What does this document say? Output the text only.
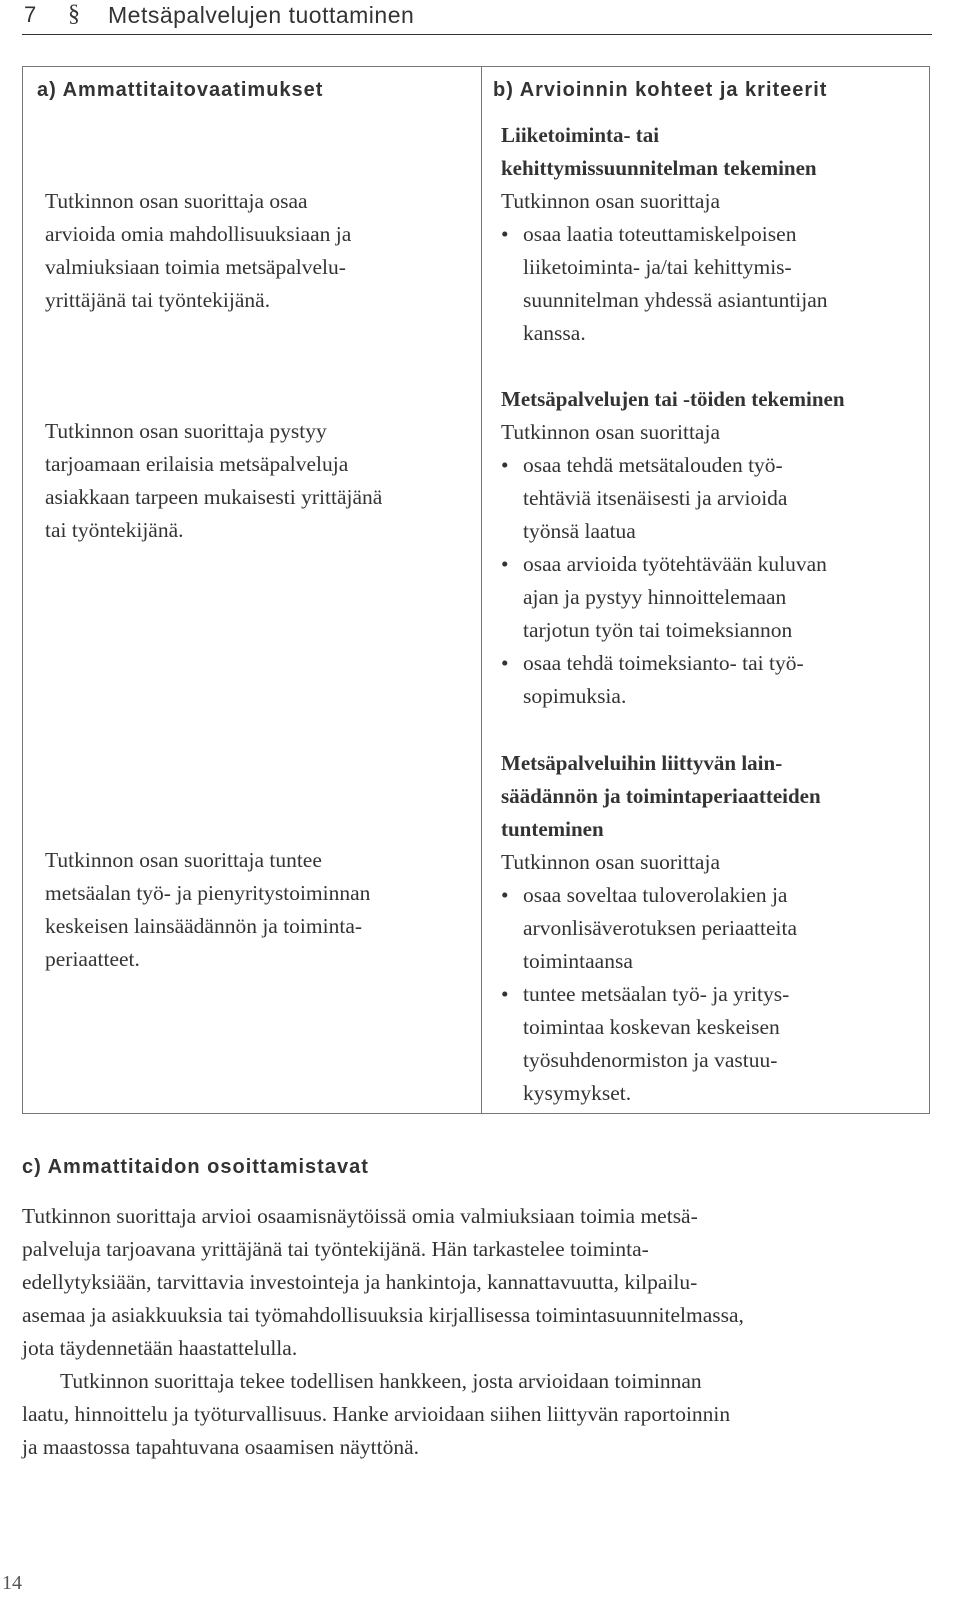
7 § Metsäpalvelujen tuottaminen
a) Ammattitaitovaatimukset	b) Arvioinnin kohteet ja kriteerit

Tutkinnon osan suorittaja osaa
arvioida omia mahdollisuuksiaan ja
valmiuksiaan toimia metsäpalvelu-
yrittäjänä tai työntekijänä.

Tutkinnon osan suorittaja pystyy
tarjoamaan erilaisia metsäpalveluja
asiakkaan tarpeen mukaisesti yrittäjänä
tai työntekijänä.

Tutkinnon osan suorittaja tuntee
metsäalan työ- ja pienyritystoiminnan
keskeisen lainsäädännön ja toiminta-
periaatteet.

Liiketoiminta- tai
kehittymissuunnitelman tekeminen

Tutkinnon osan suorittaja

• osaa laatia toteuttamiskelpoisen
liiketoiminta- ja/tai kehittymis-
suunnitelman yhdessä asiantuntijan
kanssa.

Metsäpalvelujen tai -töiden tekeminen

Tutkinnon osan suorittaja

• osaa tehdä metsätalouden työ-
tehtäviä itsenäisesti ja arvioida
työnsä laatua
• osaa arvioida työtehtävään kuluvan
ajan ja pystyy hinnoittelemaan
tarjotun työn tai toimeksiannon
• osaa tehdä toimeksianto- tai työ-
sopimuksia.

Metsäpalveluihin liittyvän lain-
säädännön ja toimintaperiaatteiden
tunteminen

Tutkinnon osan suorittaja

• osaa soveltaa tuloverolakien ja
arvonlisäverotuksen periaatteita
toimintaansa
• tuntee metsäalan työ- ja yritys-
toimintaa koskevan keskeisen
työsuhdenormiston ja vastuu-
kysymykset.
c) Ammattitaidon osoittamistavat

Tutkinnon suorittaja arvioi osaamisnäytöissä omia valmiuksiaan toimia metsä-
palveluja tarjoavana yrittäjänä tai työntekijänä. Hän tarkastelee toiminta-
edellytyksiään, tarvittavia investointeja ja hankintoja, kannattavuutta, kilpailu-
asemaa ja asiakkuuksia tai työmahdollisuuksia kirjallisessa toimintasuunnitelmassa,
jota täydennetään haastattelulla.
Tutkinnon suorittaja tekee todellisen hankkeen, josta arvioidaan toiminnan
laatu, hinnoittelu ja työturvallisuus. Hanke arvioidaan siihen liittyvän raportoinnin
ja maastossa tapahtuvana osaamisen näyttönä.

14
